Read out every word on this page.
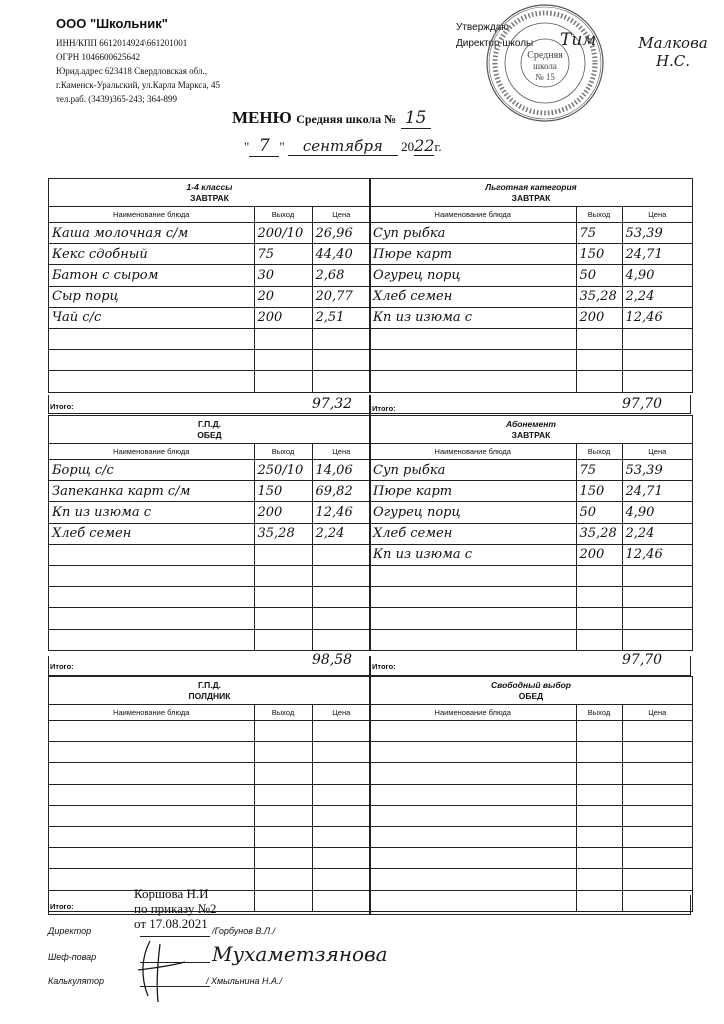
ООО "Школьник"
ИНН/КПП 6612014924\661201001
ОГРН 1046600625642
Юрид.адрес 623418 Свердловская обл.,
г.Каменск-Уральский, ул.Карла Маркса, 45
тел.раб. (3439)365-243; 364-899
Утверждаю
Директор школы Тим	Малкова Н.С.
Средняя
школа
№ 15
МЕНЮ Средняя школа № 15
" 7 " сентября 2022г.
1-4 классы
ЗАВТРАК
Наименование блюда	Выход	Цена
Каша молочная с/м	200/10	26,96
Кекс сдобный	75	44,40
Батон с сыром	30	2,68
Сыр порц	20	20,77
Чай с/с	200	2,51

Льготная категория
ЗАВТРАК
Наименование блюда	Выход	Цена
Суп рыбка	75	53,39
Пюре карт	150	24,71
Огурец порц	50	4,90
Хлеб семен	35,28	2,24
Кп из изюма с	200	12,46

Г.П.Д.
ОБЕД
Наименование блюда	Выход	Цена
Борщ с/с	250/10	14,06
Запеканка карт с/м	150	69,82
Кп из изюма с	200	12,46
Хлеб семен	35,28	2,24

Абонемент
ЗАВТРАК
Наименование блюда	Выход	Цена
Суп рыбка	75	53,39
Пюре карт	150	24,71
Огурец порц	50	4,90
Хлеб семен	35,28	2,24
Кп из изюма с	200	12,46

Г.П.Д.
ПОЛДНИК
Наименование блюда	Выход	Цена

Свободный выбор
ОБЕД
Наименование блюда	Выход	Цена

Итого:	97,32	Итого:	97,70
Итого:	98,58	Итого:	97,70
Итого:
Коршова Н.И
по приказу №2
от 17.08.2021
Директор	/Горбунов В.Л./
Шеф-повар	Мухаметзянова
Калькулятор	/ Хмыльнина Н.А./
